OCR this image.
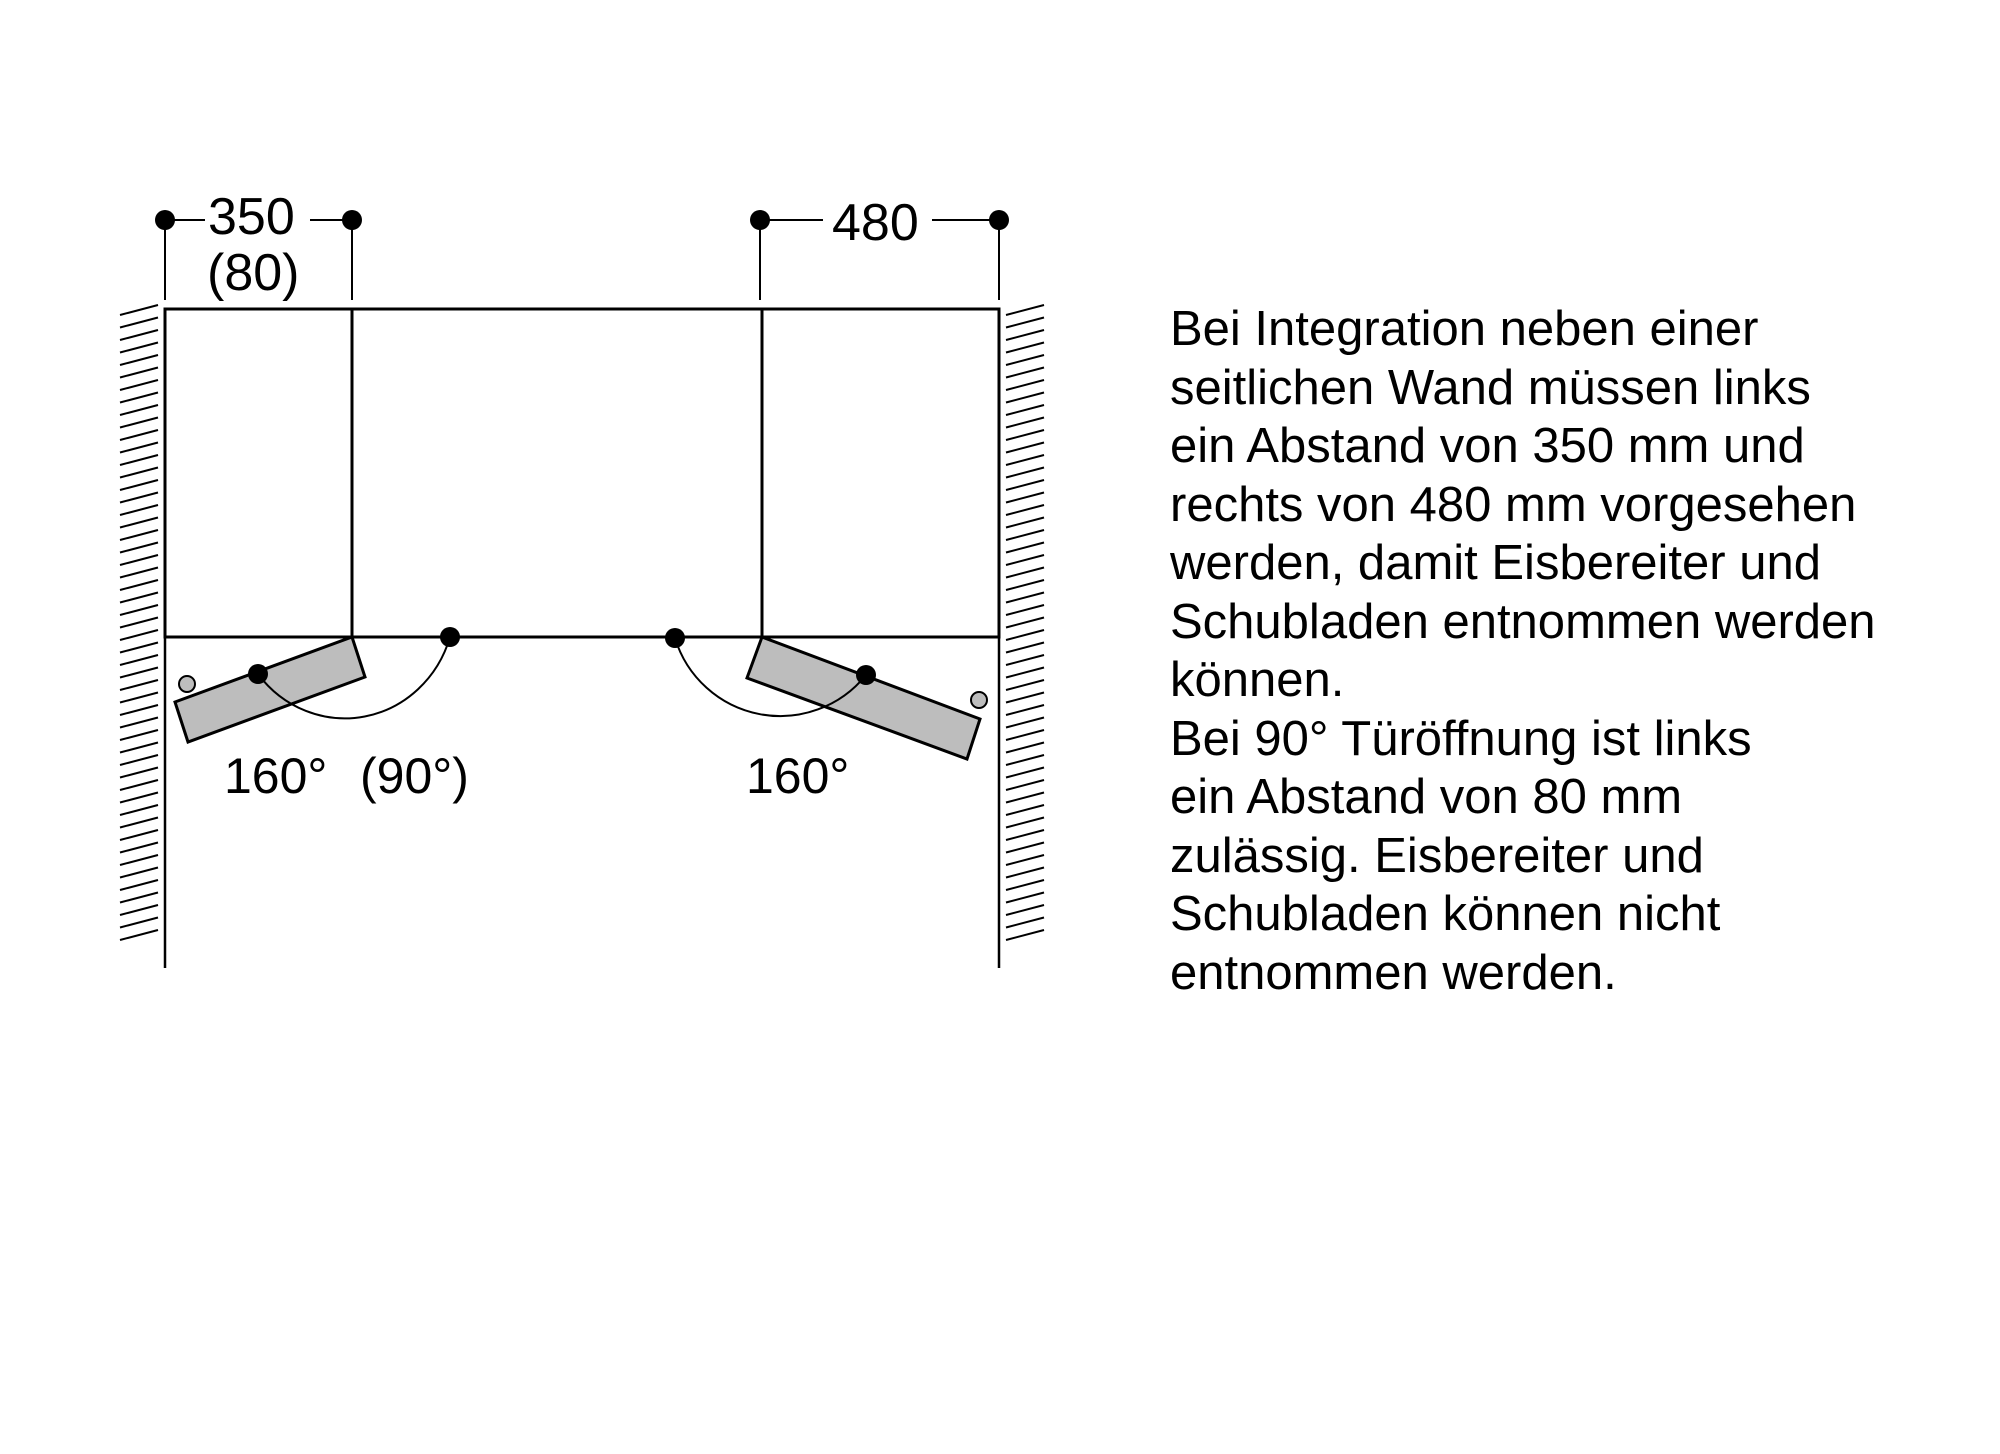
350
(80)
480
160° (90°)	160°
Bei Integration neben einer
seitlichen Wand müssen links
ein Abstand von 350 mm und
rechts von 480 mm vorgesehen
werden, damit Eisbereiter und
Schubladen entnommen werden
können.
Bei 90° Türöffnung ist links
ein Abstand von 80 mm
zulässig. Eisbereiter und
Schubladen können nicht
entnommen werden.
